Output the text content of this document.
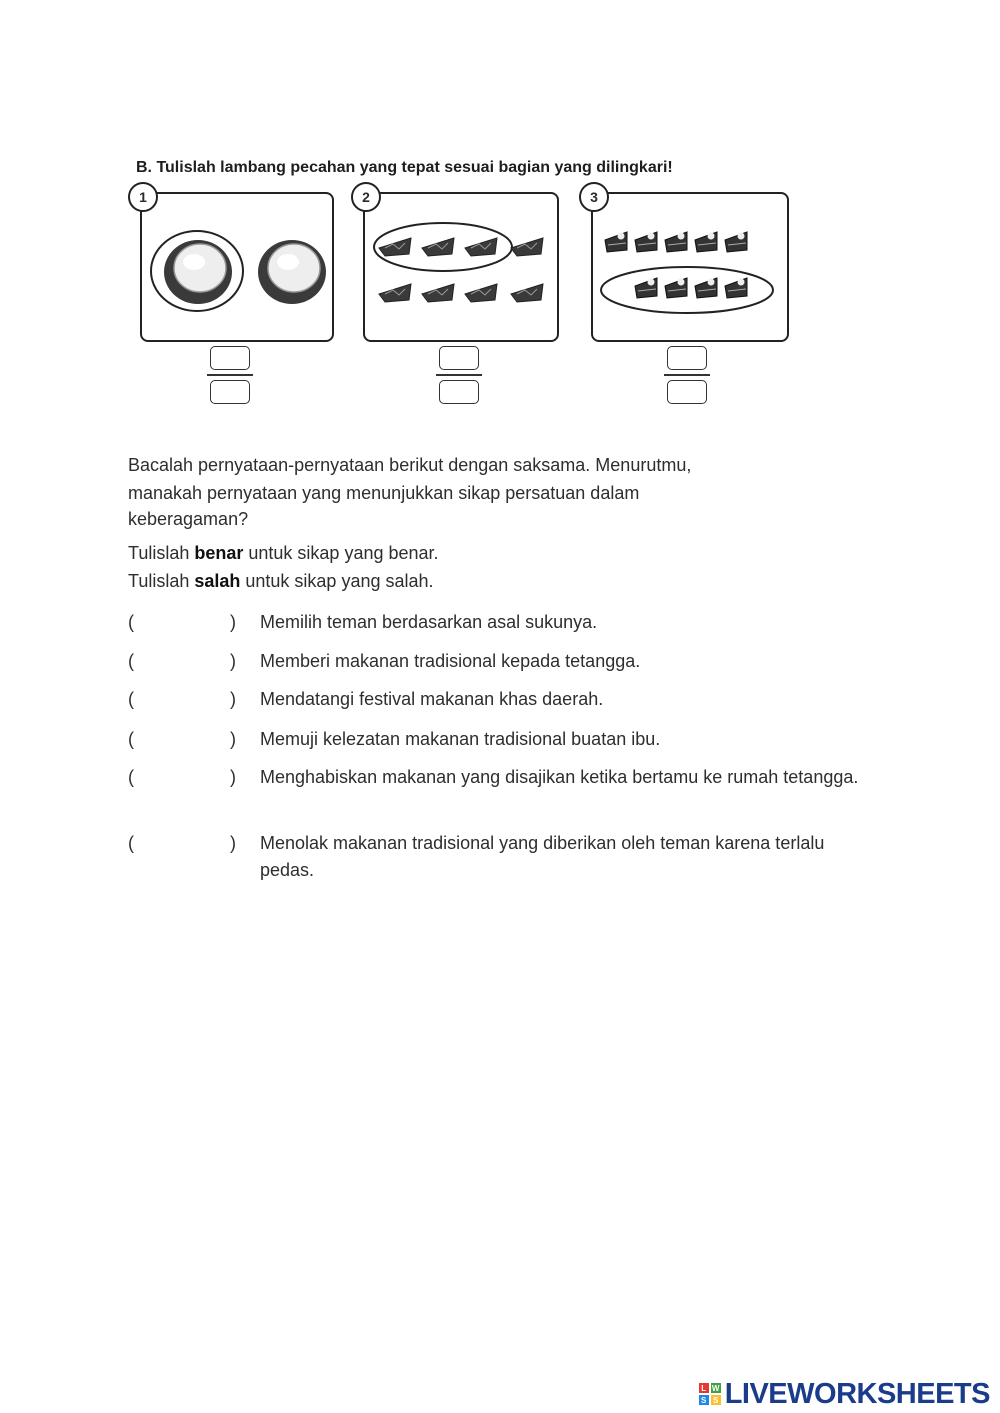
B. Tulislah lambang pecahan yang tepat sesuai bagian yang dilingkari!
1	2	3
Bacalah pernyataan-pernyataan berikut dengan saksama. Menurutmu,
manakah pernyataan yang menunjukkan sikap persatuan dalam
keberagaman?
Tulislah benar untuk sikap yang benar.
Tulislah salah untuk sikap yang salah.
(	) Memilih teman berdasarkan asal sukunya.
(	) Memberi makanan tradisional kepada tetangga.
(	) Mendatangi festival makanan khas daerah.
(	) Memuji kelezatan makanan tradisional buatan ibu.
(	) Menghabiskan makanan yang disajikan ketika bertamu ke rumah tetangga.
(	) Menolak makanan tradisional yang diberikan oleh teman karena terlalu pedas.
L W
S S LIVEWORKSHEETS
